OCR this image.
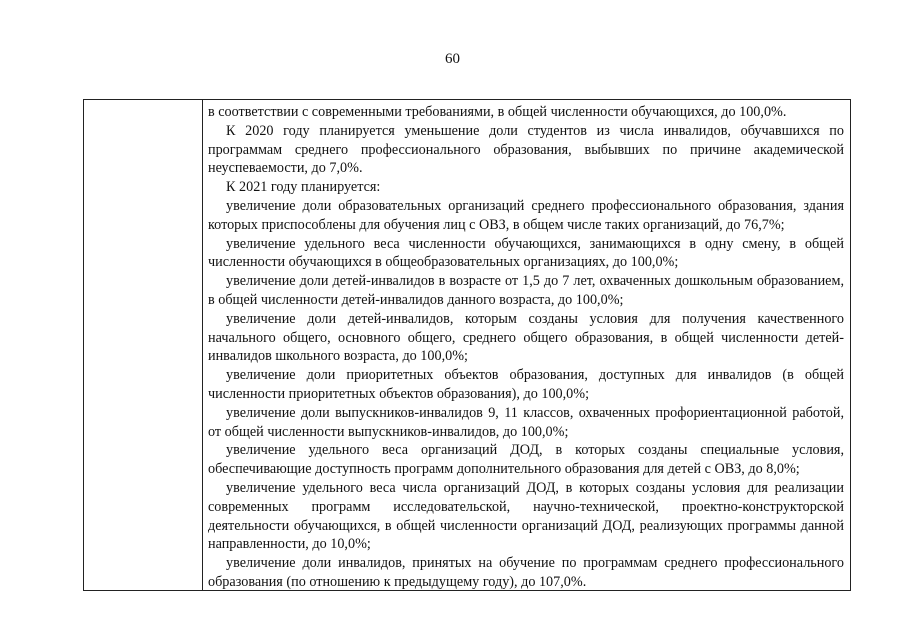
60

в соответствии с современными требованиями, в общей численности обучающихся, до 100,0%.

К 2020 году планируется уменьшение доли студентов из числа инвалидов, обучавшихся по программам среднего профессионального образования, выбывших по причине академической неуспеваемости, до 7,0%.

К 2021 году планируется:

увеличение доли образовательных организаций среднего профессионального образования, здания которых приспособлены для обучения лиц с ОВЗ, в общем числе таких организаций, до 76,7%;

увеличение удельного веса численности обучающихся, занимающихся в одну смену, в общей численности обучающихся в общеобразовательных организациях, до 100,0%;

увеличение доли детей-инвалидов в возрасте от 1,5 до 7 лет, охваченных дошкольным образованием, в общей численности детей-инвалидов данного возраста, до 100,0%;

увеличение доли детей-инвалидов, которым созданы условия для получения качественного начального общего, основного общего, среднего общего образования, в общей численности детей-инвалидов школьного возраста, до 100,0%;

увеличение доли приоритетных объектов образования, доступных для инвалидов (в общей численности приоритетных объектов образования), до 100,0%;

увеличение доли выпускников-инвалидов 9, 11 классов, охваченных профориентационной работой, от общей численности выпускников-инвалидов, до 100,0%;

увеличение удельного веса организаций ДОД, в которых созданы специальные условия, обеспечивающие доступность программ дополнительного образования для детей с ОВЗ, до 8,0%;

увеличение удельного веса числа организаций ДОД, в которых созданы условия для реализации современных программ исследовательской, научно-технической, проектно-конструкторской деятельности обучающихся, в общей численности организаций ДОД, реализующих программы данной направленности, до 10,0%;

увеличение доли инвалидов, принятых на обучение по программам среднего профессионального образования (по отношению к предыдущему году), до 107,0%.
